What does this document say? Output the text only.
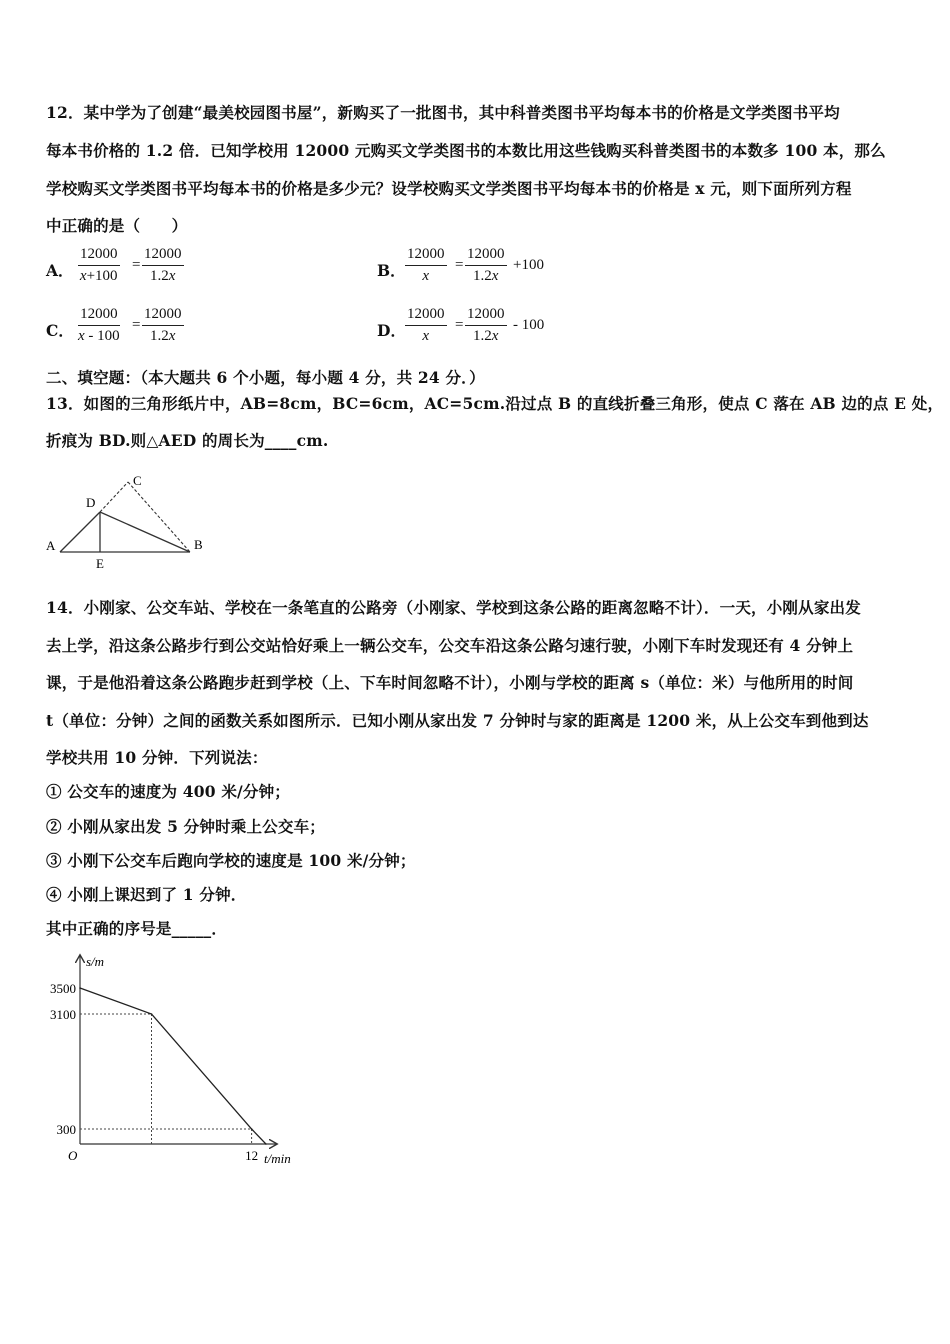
12．某中学为了创建“最美校园图书屋”，新购买了一批图书，其中科普类图书平均每本书的价格是文学类图书平均
每本书价格的 1.2 倍．已知学校用 12000 元购买文学类图书的本数比用这些钱购买科普类图书的本数多 100 本，那么
学校购买文学类图书平均每本书的价格是多少元？设学校购买文学类图书平均每本书的价格是 x 元，则下面所列方程
中正确的是（　　）
A． $\frac{12000}{x+100} = \frac{12000}{1.2x}$	B． $\frac{12000}{x} = \frac{12000}{1.2x} +100$
C． $\frac{12000}{x - 100} = \frac{12000}{1.2x}$	D． $\frac{12000}{x} = \frac{12000}{1.2x} - 100$
二、填空题：（本大题共 6 个小题，每小题 4 分，共 24 分．）
13．如图的三角形纸片中，AB=8cm，BC=6cm，AC=5cm.沿过点 B 的直线折叠三角形，使点 C 落在 AB 边的点 E 处，
折痕为 BD.则△AED 的周长为____cm.
A	B
C
D
E
14．小刚家、公交车站、学校在一条笔直的公路旁（小刚家、学校到这条公路的距离忽略不计）．一天，小刚从家出发
去上学，沿这条公路步行到公交站恰好乘上一辆公交车，公交车沿这条公路匀速行驶，小刚下车时发现还有 4 分钟上
课，于是他沿着这条公路跑步赶到学校（上、下车时间忽略不计），小刚与学校的距离 s（单位：米）与他所用的时间
t（单位：分钟）之间的函数关系如图所示．已知小刚从家出发 7 分钟时与家的距离是 1200 米，从上公交车到他到达
学校共用 10 分钟．下列说法：
① 公交车的速度为 400 米/分钟；
② 小刚从家出发 5 分钟时乘上公交车；
③ 小刚下公交车后跑向学校的速度是 100 米/分钟；
④ 小刚上课迟到了 1 分钟．
其中正确的序号是_____．
O
s/m
t/min
300
3100
3500
12
